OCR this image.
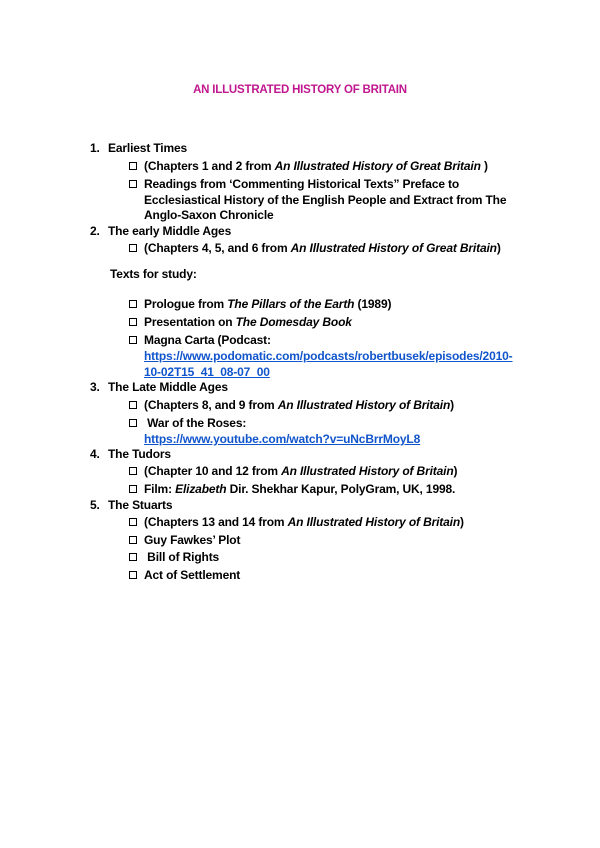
AN ILLUSTRATED HISTORY OF BRITAIN
1. Earliest Times
(Chapters 1 and 2 from An Illustrated History of Great Britain )
Readings from ‘Commenting Historical Texts” Preface to
Ecclesiastical History of the English People and Extract from The
Anglo-Saxon Chronicle
2. The early Middle Ages
(Chapters 4, 5, and 6 from An Illustrated History of Great Britain)
Texts for study:
Prologue from The Pillars of the Earth (1989)
Presentation on The Domesday Book
Magna Carta (Podcast:
https://www.podomatic.com/podcasts/robertbusek/episodes/2010-
10-02T15_41_08-07_00
3. The Late Middle Ages
(Chapters 8, and 9 from An Illustrated History of Britain)
War of the Roses:
https://www.youtube.com/watch?v=uNcBrrMoyL8
4. The Tudors
(Chapter 10 and 12 from An Illustrated History of Britain)
Film: Elizabeth Dir. Shekhar Kapur, PolyGram, UK, 1998.
5. The Stuarts
(Chapters 13 and 14 from An Illustrated History of Britain)
Guy Fawkes’ Plot
Bill of Rights
Act of Settlement
